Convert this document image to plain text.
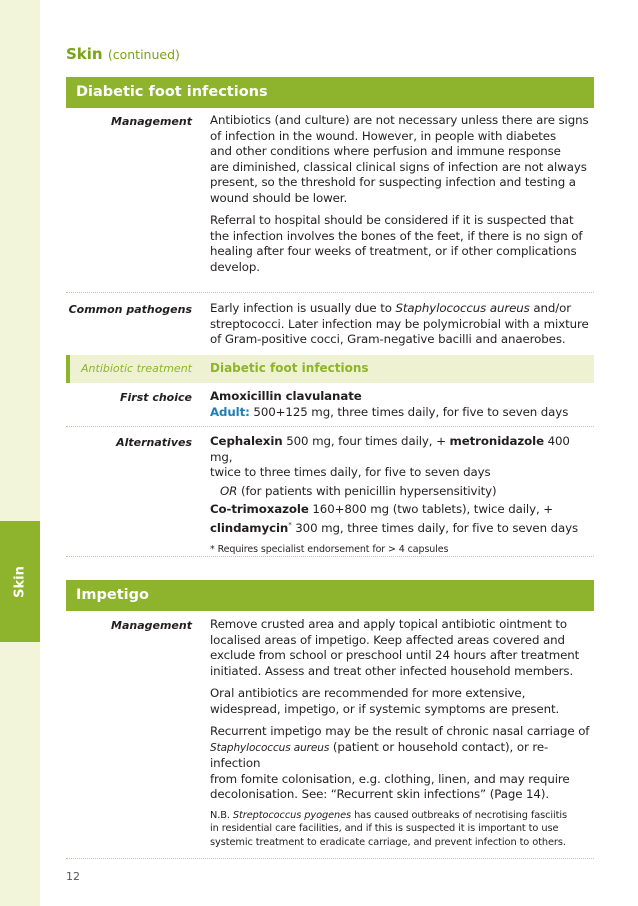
Skin
Skin (continued)
Diabetic foot infections
Management Antibiotics (and culture) are not necessary unless there are signs

of infection in the wound. However, in people with diabetes

and other conditions where perfusion and immune response

are diminished, classical clinical signs of infection are not always

present, so the threshold for suspecting infection and testing a

wound should be lower.

Referral to hospital should be considered if it is suspected that

the infection involves the bones of the feet, if there is no sign of

healing after four weeks of treatment, or if other complications

develop.

Common pathogens Early infection is usually due to Staphylococcus aureus and/or

streptococci. Later infection may be polymicrobial with a mixture

of Gram-positive cocci, Gram-negative bacilli and anaerobes.

Antibiotic treatment Diabetic foot infections
First choice Amoxicillin clavulanate

Adult: 500+125 mg, three times daily, for five to seven days

Alternatives Cephalexin 500 mg, four times daily, + metronidazole 400 mg,

twice to three times daily, for five to seven days

OR (for patients with penicillin hypersensitivity)

Co-trimoxazole 160+800 mg (two tablets), twice daily, +

clindamycin* 300 mg, three times daily, for five to seven days

* Requires specialist endorsement for > 4 capsules

Impetigo
Management Remove crusted area and apply topical antibiotic ointment to

localised areas of impetigo. Keep affected areas covered and

exclude from school or preschool until 24 hours after treatment

initiated. Assess and treat other infected household members.

Oral antibiotics are recommended for more extensive,

widespread, impetigo, or if systemic symptoms are present.

Recurrent impetigo may be the result of chronic nasal carriage of

Staphylococcus aureus (patient or household contact), or re-infection

from fomite colonisation, e.g. clothing, linen, and may require

decolonisation. See: “Recurrent skin infections” (Page 14).

N.B. Streptococcus pyogenes has caused outbreaks of necrotising fasciitis

in residential care facilities, and if this is suspected it is important to use

systemic treatment to eradicate carriage, and prevent infection to others.

12
